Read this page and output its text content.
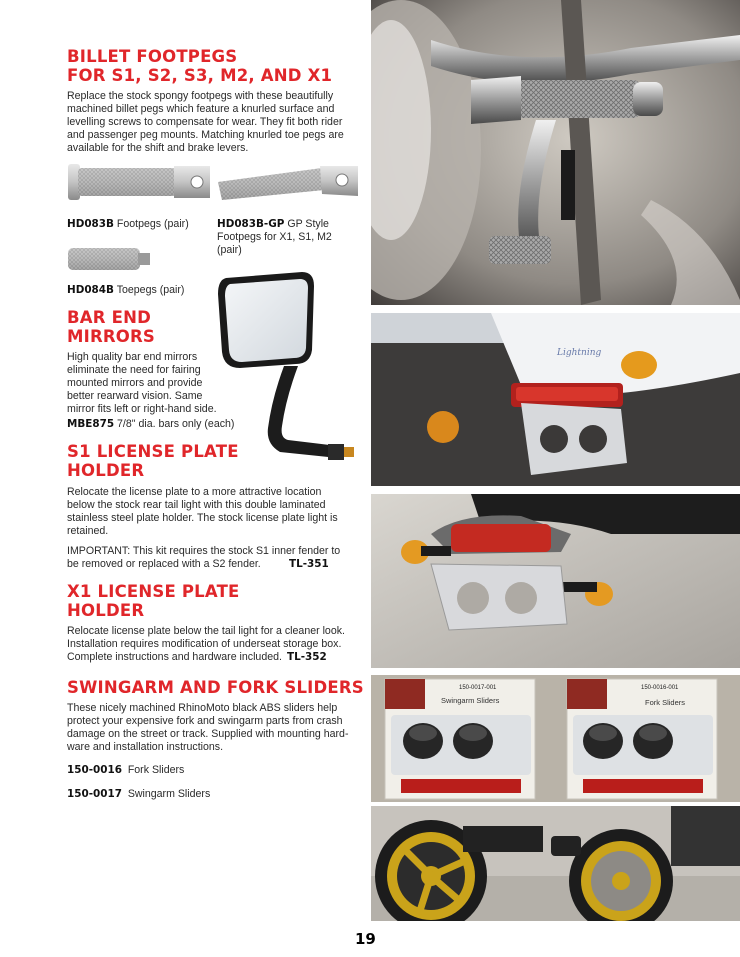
BILLET FOOTPEGS
FOR S1, S2, S3, M2, AND X1

Replace the stock spongy footpegs with these beautifully
machined billet pegs which feature a knurled surface and
levelling screws to compensate for wear. They fit both rider
and passenger peg mounts. Matching knurled toe pegs are
available for the shift and brake levers.

HD083B Footpegs (pair)	HD083B-GP GP Style
Footpegs for X1, S1, M2
(pair)
HD084B Toepegs (pair)
BAR END
MIRRORS

High quality bar end mirrors
eliminate the need for fairing
mounted mirrors and provide
better rearward vision. Same
mirror fits left or right-hand side.

MBE875 7/8" dia. bars only (each)
S1 LICENSE PLATE
HOLDER

Relocate the license plate to a more attractive location
below the stock rear tail light with this double laminated
stainless steel plate holder. The stock license plate light is
retained.

IMPORTANT: This kit requires the stock S1 inner fender to
be removed or replaced with a S2 fender.	TL-351
X1 LICENSE PLATE
HOLDER

Relocate license plate below the tail light for a cleaner look.
Installation requires modification of underseat storage box.
Complete instructions and hardware included. TL-352
SWINGARM AND FORK SLIDERS

These nicely machined RhinoMoto black ABS sliders help
protect your expensive fork and swingarm parts from crash
damage on the street or track. Supplied with mounting hard-
ware and installation instructions.

150-0016 Fork Sliders
150-0017 Swingarm Sliders
Lightning
150-0017-001
Swingarm Sliders
150-0016-001
Fork Sliders
19
